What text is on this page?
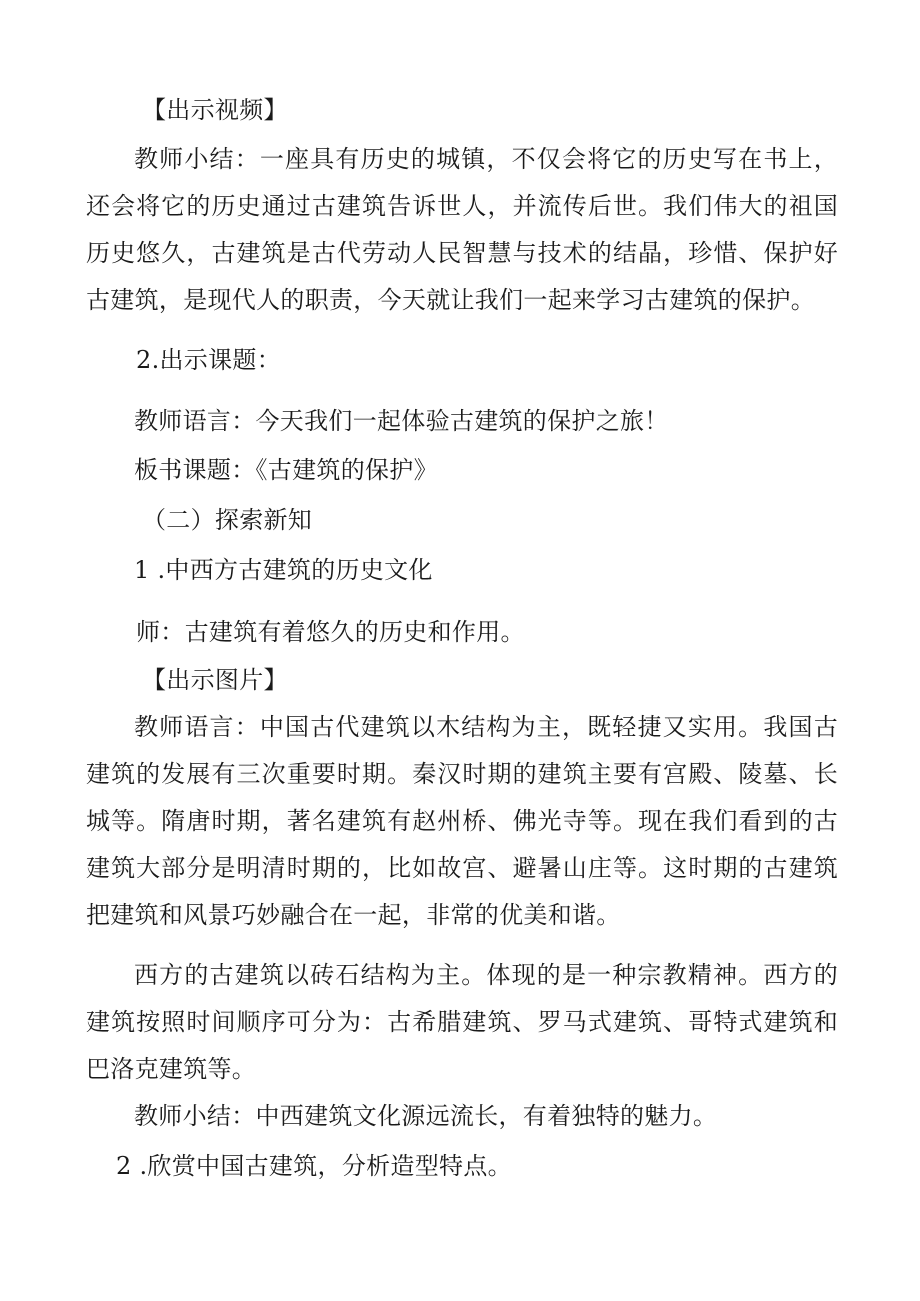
【出示视频】
教师小结：一座具有历史的城镇，不仅会将它的历史写在书上，还会将它的历史通过古建筑告诉世人，并流传后世。我们伟大的祖国历史悠久，古建筑是古代劳动人民智慧与技术的结晶，珍惜、保护好古建筑，是现代人的职责，今天就让我们一起来学习古建筑的保护。
2.出示课题：
教师语言：今天我们一起体验古建筑的保护之旅！
板书课题：《古建筑的保护》
（二）探索新知
1 .中西方古建筑的历史文化
师：古建筑有着悠久的历史和作用。
【出示图片】
教师语言：中国古代建筑以木结构为主，既轻捷又实用。我国古建筑的发展有三次重要时期。秦汉时期的建筑主要有宫殿、陵墓、长城等。隋唐时期，著名建筑有赵州桥、佛光寺等。现在我们看到的古建筑大部分是明清时期的，比如故宫、避暑山庄等。这时期的古建筑把建筑和风景巧妙融合在一起，非常的优美和谐。
西方的古建筑以砖石结构为主。体现的是一种宗教精神。西方的建筑按照时间顺序可分为：古希腊建筑、罗马式建筑、哥特式建筑和巴洛克建筑等。
教师小结：中西建筑文化源远流长，有着独特的魅力。
2 .欣赏中国古建筑，分析造型特点。
